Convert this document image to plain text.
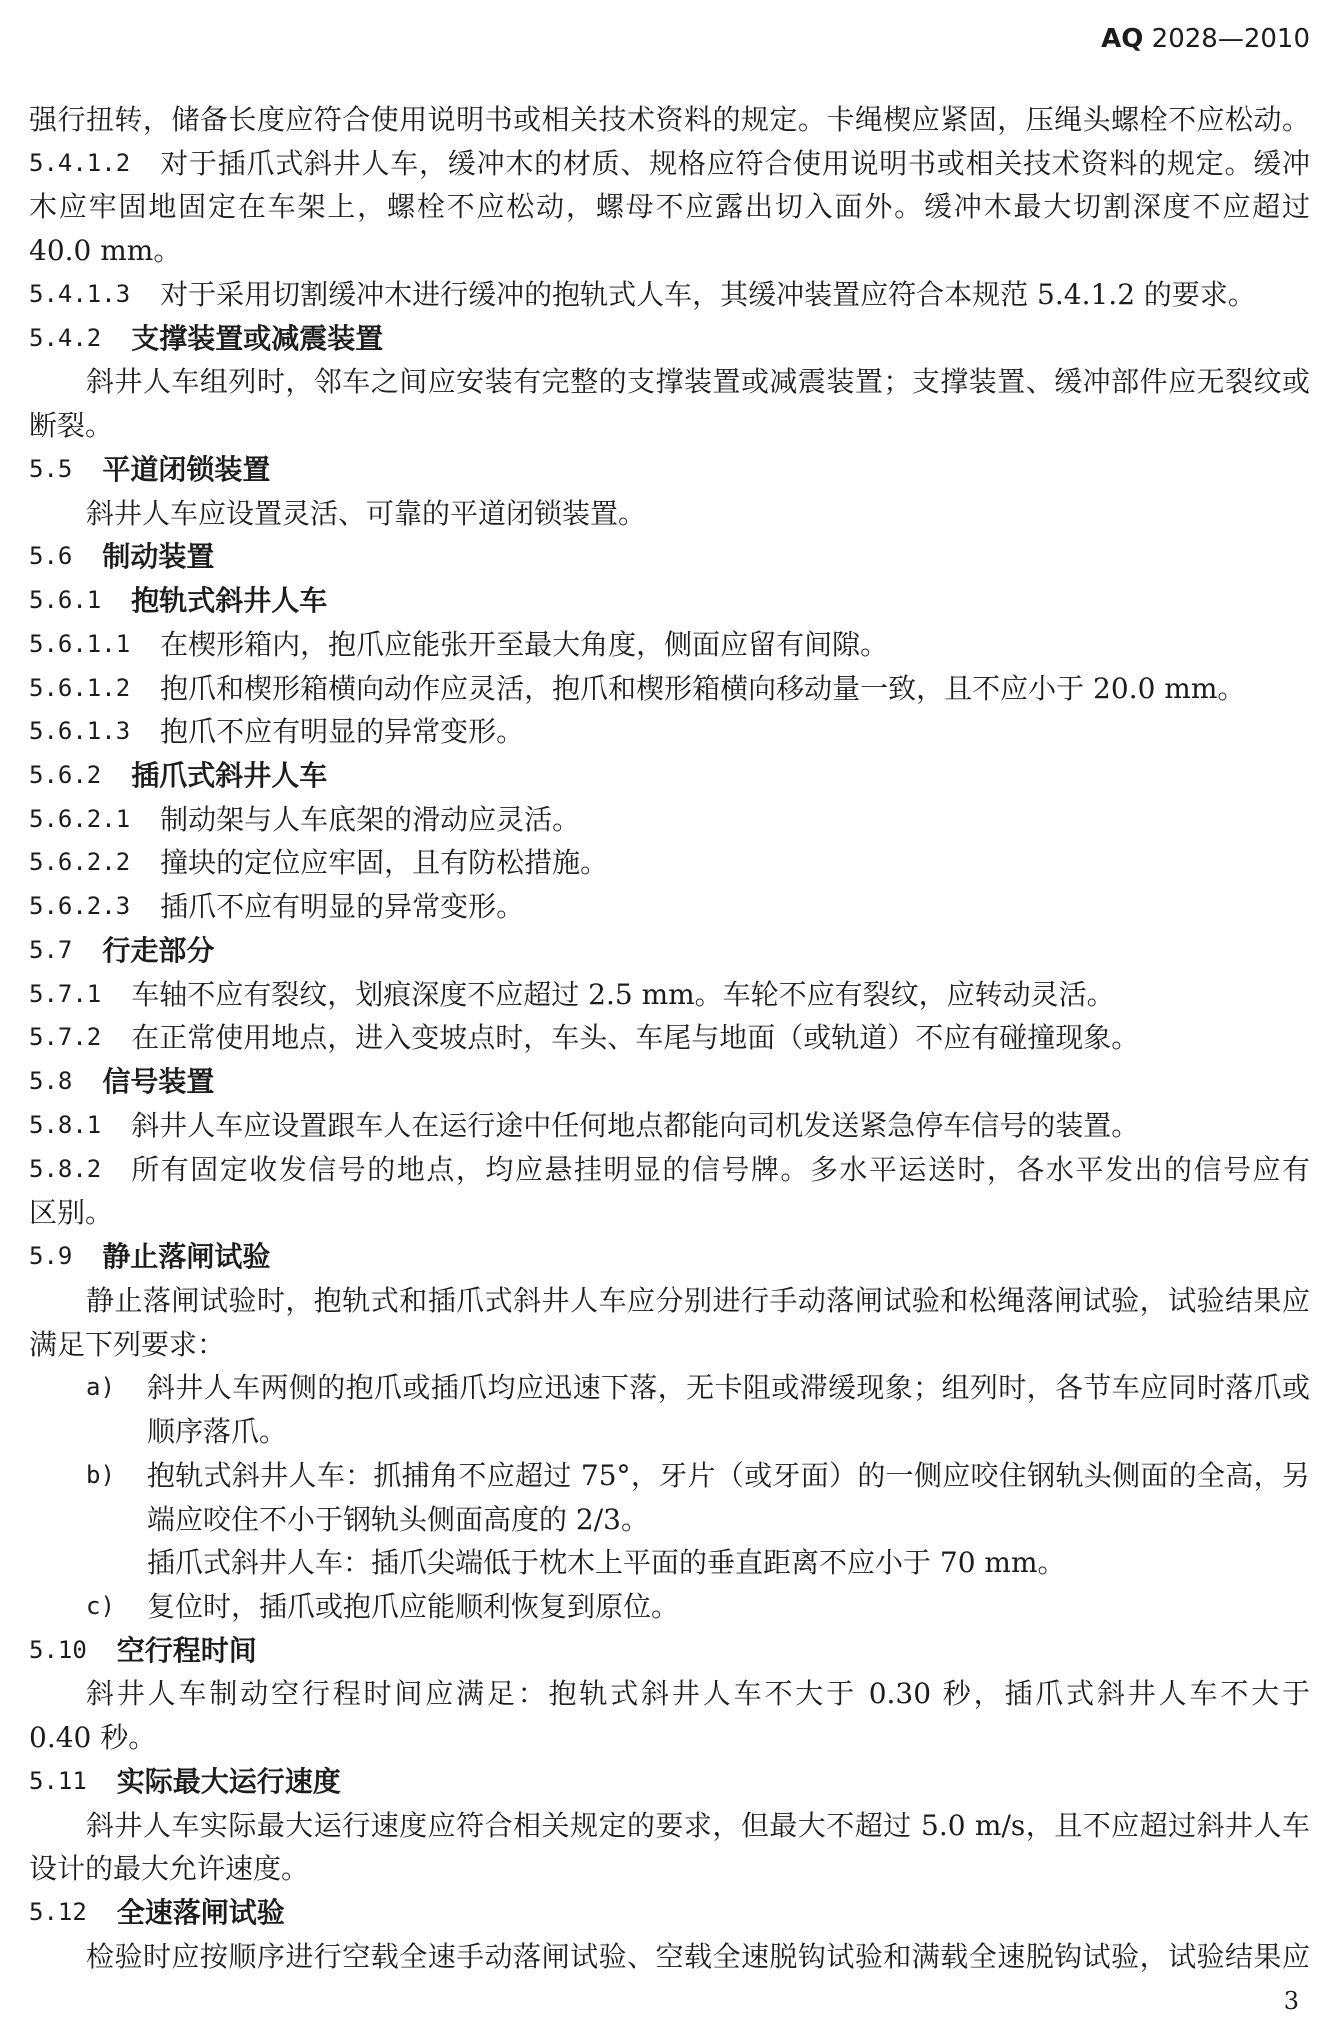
AQ 2028—2010
强行扭转，储备长度应符合使用说明书或相关技术资料的规定。卡绳楔应紧固，压绳头螺栓不应松动。
5.4.1.2 对于插爪式斜井人车，缓冲木的材质、规格应符合使用说明书或相关技术资料的规定。缓冲
木应牢固地固定在车架上，螺栓不应松动，螺母不应露出切入面外。缓冲木最大切割深度不应超过
40.0 mm。
5.4.1.3 对于采用切割缓冲木进行缓冲的抱轨式人车，其缓冲装置应符合本规范 5.4.1.2 的要求。
5.4.2 支撑装置或减震装置
斜井人车组列时，邻车之间应安装有完整的支撑装置或减震装置；支撑装置、缓冲部件应无裂纹或
断裂。
5.5 平道闭锁装置
斜井人车应设置灵活、可靠的平道闭锁装置。
5.6 制动装置
5.6.1 抱轨式斜井人车
5.6.1.1 在楔形箱内，抱爪应能张开至最大角度，侧面应留有间隙。
5.6.1.2 抱爪和楔形箱横向动作应灵活，抱爪和楔形箱横向移动量一致，且不应小于 20.0 mm。
5.6.1.3 抱爪不应有明显的异常变形。
5.6.2 插爪式斜井人车
5.6.2.1 制动架与人车底架的滑动应灵活。
5.6.2.2 撞块的定位应牢固，且有防松措施。
5.6.2.3 插爪不应有明显的异常变形。
5.7 行走部分
5.7.1 车轴不应有裂纹，划痕深度不应超过 2.5 mm。车轮不应有裂纹，应转动灵活。
5.7.2 在正常使用地点，进入变坡点时，车头、车尾与地面（或轨道）不应有碰撞现象。
5.8 信号装置
5.8.1 斜井人车应设置跟车人在运行途中任何地点都能向司机发送紧急停车信号的装置。
5.8.2 所有固定收发信号的地点，均应悬挂明显的信号牌。多水平运送时，各水平发出的信号应有
区别。
5.9 静止落闸试验
静止落闸试验时，抱轨式和插爪式斜井人车应分别进行手动落闸试验和松绳落闸试验，试验结果应
满足下列要求：
a)	斜井人车两侧的抱爪或插爪均应迅速下落，无卡阻或滞缓现象；组列时，各节车应同时落爪或
顺序落爪。
b)	抱轨式斜井人车：抓捕角不应超过 75°，牙片（或牙面）的一侧应咬住钢轨头侧面的全高，另
端应咬住不小于钢轨头侧面高度的 2/3。
插爪式斜井人车：插爪尖端低于枕木上平面的垂直距离不应小于 70 mm。
c)	复位时，插爪或抱爪应能顺利恢复到原位。
5.10 空行程时间
斜井人车制动空行程时间应满足：抱轨式斜井人车不大于 0.30 秒，插爪式斜井人车不大于
0.40 秒。
5.11 实际最大运行速度
斜井人车实际最大运行速度应符合相关规定的要求，但最大不超过 5.0 m/s，且不应超过斜井人车
设计的最大允许速度。
5.12 全速落闸试验
检验时应按顺序进行空载全速手动落闸试验、空载全速脱钩试验和满载全速脱钩试验，试验结果应
3
